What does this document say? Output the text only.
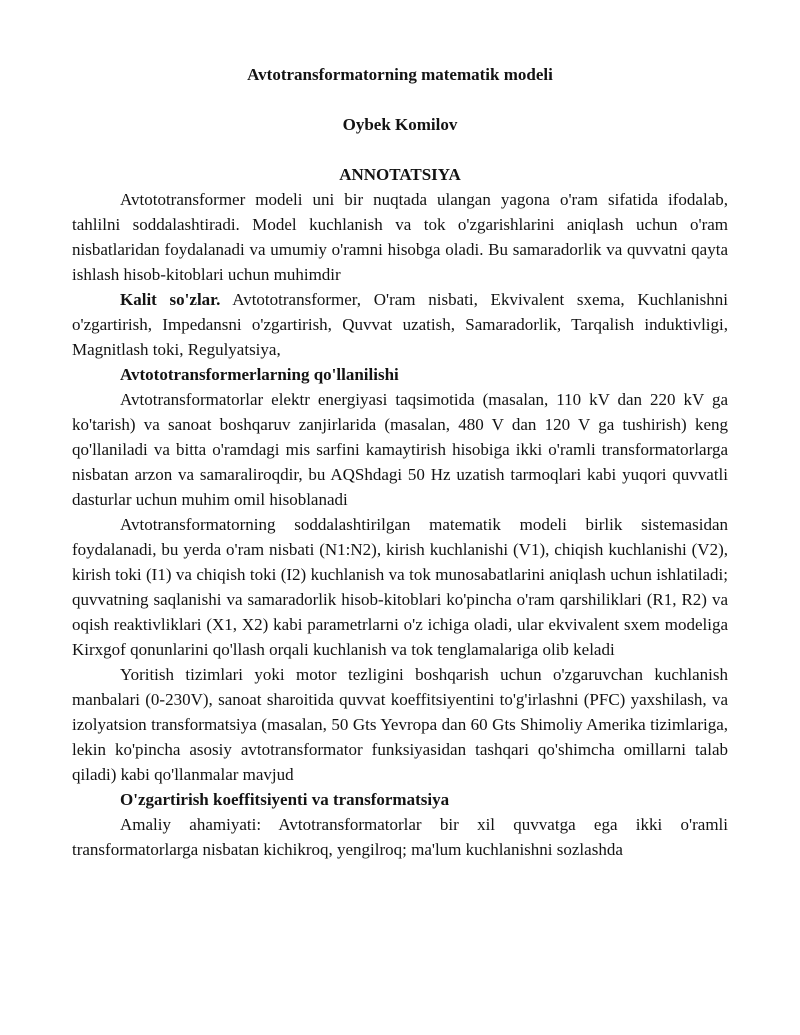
Avtotransformatorning matematik modeli

Oybek Komilov

ANNOTATSIYA

Avtototransformer modeli uni bir nuqtada ulangan yagona o'ram sifatida ifodalab, tahlilni soddalashtiradi. Model kuchlanish va tok o'zgarishlarini aniqlash uchun o'ram nisbatlaridan foydalanadi va umumiy o'ramni hisobga oladi. Bu samaradorlik va quvvatni qayta ishlash hisob-kitoblari uchun muhimdir

Kalit so'zlar. Avtototransformer, O'ram nisbati, Ekvivalent sxema, Kuchlanishni o'zgartirish, Impedansni o'zgartirish, Quvvat uzatish, Samaradorlik, Tarqalish induktivligi, Magnitlash toki, Regulyatsiya,

Avtototransformerlarning qo'llanilishi

Avtotransformatorlar elektr energiyasi taqsimotida (masalan, 110 kV dan 220 kV ga ko'tarish) va sanoat boshqaruv zanjirlarida (masalan, 480 V dan 120 V ga tushirish) keng qo'llaniladi va bitta o'ramdagi mis sarfini kamaytirish hisobiga ikki o'ramli transformatorlarga nisbatan arzon va samaraliroqdir, bu AQShdagi 50 Hz uzatish tarmoqlari kabi yuqori quvvatli dasturlar uchun muhim omil hisoblanadi

Avtotransformatorning soddalashtirilgan matematik modeli birlik sistemasidan foydalanadi, bu yerda o'ram nisbati (N1:N2), kirish kuchlanishi (V1), chiqish kuchlanishi (V2), kirish toki (I1) va chiqish toki (I2) kuchlanish va tok munosabatlarini aniqlash uchun ishlatiladi; quvvatning saqlanishi va samaradorlik hisob-kitoblari ko'pincha o'ram qarshiliklari (R1, R2) va oqish reaktivliklari (X1, X2) kabi parametrlarni o'z ichiga oladi, ular ekvivalent sxem modeliga Kirxgof qonunlarini qo'llash orqali kuchlanish va tok tenglamalariga olib keladi

Yoritish tizimlari yoki motor tezligini boshqarish uchun o'zgaruvchan kuchlanish manbalari (0-230V), sanoat sharoitida quvvat koeffitsiyentini to'g'irlashni (PFC) yaxshilash, va izolyatsion transformatsiya (masalan, 50 Gts Yevropa dan 60 Gts Shimoliy Amerika tizimlariga, lekin ko'pincha asosiy avtotransformator funksiyasidan tashqari qo'shimcha omillarni talab qiladi) kabi qo'llanmalar mavjud

O'zgartirish koeffitsiyenti va transformatsiya

Amaliy ahamiyati: Avtotransformatorlar bir xil quvvatga ega ikki o'ramli transformatorlarga nisbatan kichikroq, yengilroq; ma'lum kuchlanishni sozlashda
